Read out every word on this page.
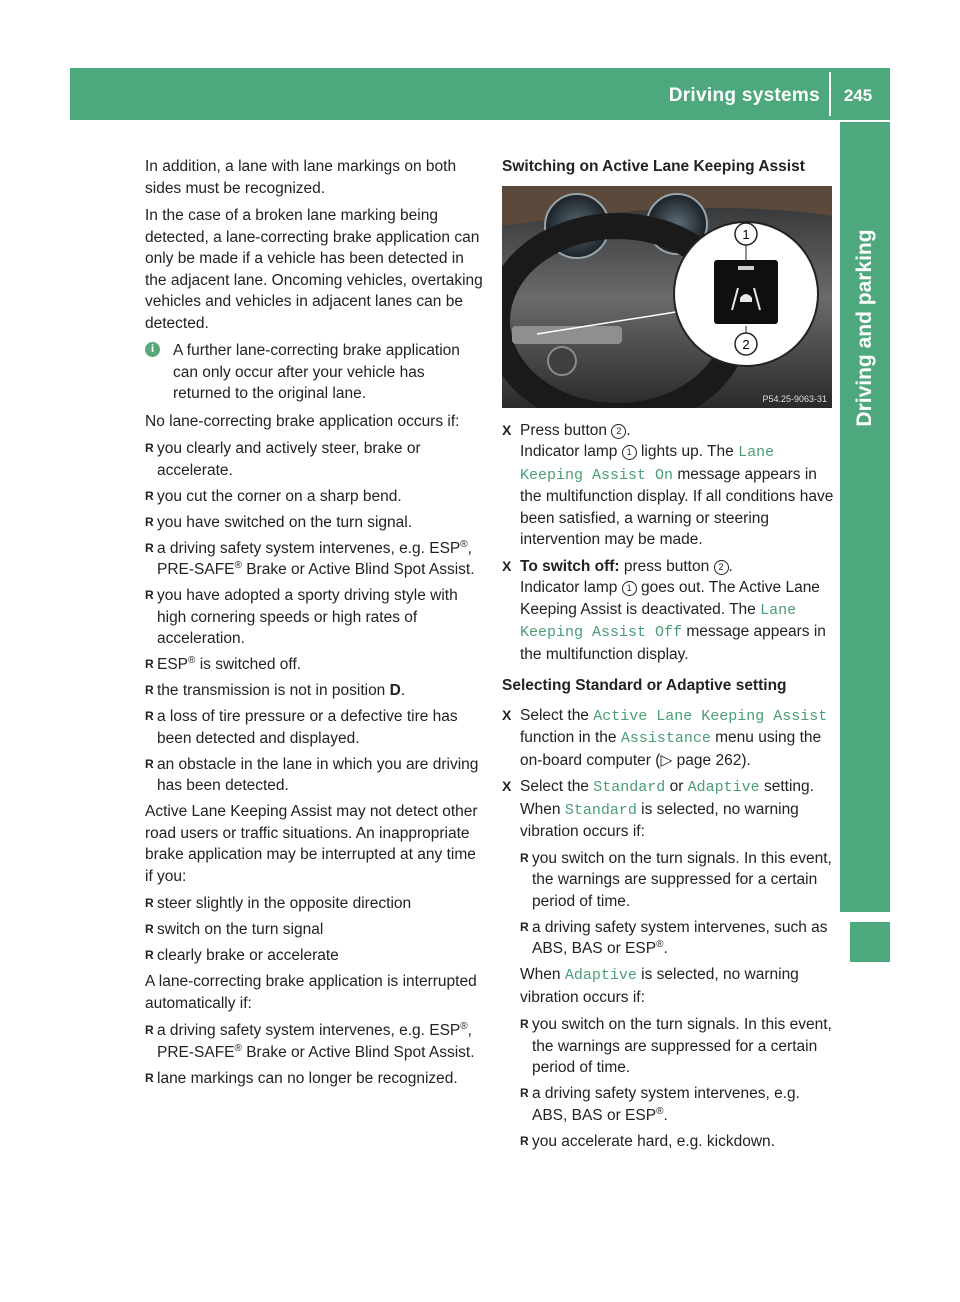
Driving systems	245
Driving and parking

In addition, a lane with lane markings on both sides must be recognized.

In the case of a broken lane marking being detected, a lane-correcting brake application can only be made if a vehicle has been detected in the adjacent lane. Oncoming vehicles, overtaking vehicles and vehicles in adjacent lanes can be detected.

i	A further lane-correcting brake application can only occur after your vehicle has returned to the original lane.

No lane-correcting brake application occurs if:

R you clearly and actively steer, brake or accelerate.
R you cut the corner on a sharp bend.
R you have switched on the turn signal.
R a driving safety system intervenes, e.g. ESP®, PRE-SAFE® Brake or Active Blind Spot Assist.
R you have adopted a sporty driving style with high cornering speeds or high rates of acceleration.
R ESP® is switched off.
R the transmission is not in position D.
R a loss of tire pressure or a defective tire has been detected and displayed.
R an obstacle in the lane in which you are driving has been detected.

Active Lane Keeping Assist may not detect other road users or traffic situations. An inappropriate brake application may be interrupted at any time if you:

R steer slightly in the opposite direction
R switch on the turn signal
R clearly brake or accelerate

A lane-correcting brake application is interrupted automatically if:

R a driving safety system intervenes, e.g. ESP®, PRE-SAFE® Brake or Active Blind Spot Assist.
R lane markings can no longer be recognized.

Switching on Active Lane Keeping Assist

1
2
P54.25-9063-31
X Press button 2 .
Indicator lamp 1 lights up. The Lane Keeping Assist On message appears in the multifunction display. If all conditions have been satisfied, a warning or steering intervention may be made.
X To switch off: press button 2 .
Indicator lamp 1 goes out. The Active Lane Keeping Assist is deactivated. The Lane Keeping Assist Off message appears in the multifunction display.

Selecting Standard or Adaptive setting

X Select the Active Lane Keeping Assist function in the Assistance menu using the on-board computer (▷ page 262).
X Select the Standard or Adaptive setting.
When Standard is selected, no warning vibration occurs if:
R you switch on the turn signals. In this event, the warnings are suppressed for a certain period of time.
R a driving safety system intervenes, such as ABS, BAS or ESP®.

When Adaptive is selected, no warning vibration occurs if:

R you switch on the turn signals. In this event, the warnings are suppressed for a certain period of time.
R a driving safety system intervenes, e.g. ABS, BAS or ESP®.
R you accelerate hard, e.g. kickdown.
